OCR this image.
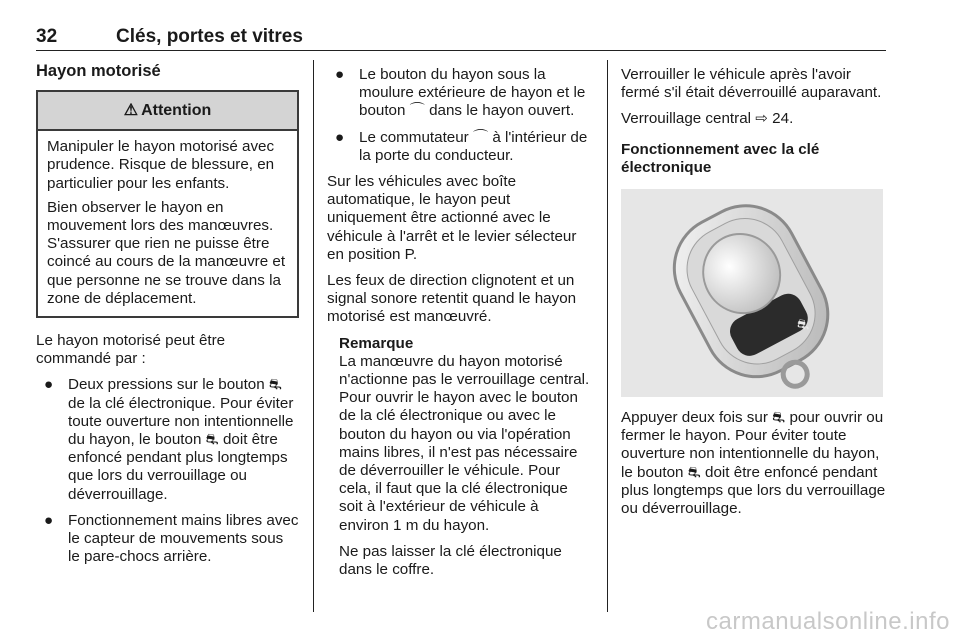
32	Clés, portes et vitres
Hayon motorisé
⚠ Attention

Manipuler le hayon motorisé avec prudence. Risque de blessure, en particulier pour les enfants.

Bien observer le hayon en mouvement lors des manœuvres. S'assurer que rien ne puisse être coincé au cours de la manœuvre et que personne ne se trouve dans la zone de déplacement.

Le hayon motorisé peut être commandé par :

● Deux pressions sur le bouton ⛐ de la clé électronique. Pour éviter toute ouverture non intentionnelle du hayon, le bouton ⛐ doit être enfoncé pendant plus longtemps que lors du verrouillage ou déverrouillage.
● Fonctionnement mains libres avec le capteur de mouvements sous le pare-chocs arrière.
● Le bouton du hayon sous la moulure extérieure de hayon et le bouton ⌒ dans le hayon ouvert.
● Le commutateur ⌒ à l'intérieur de la porte du conducteur.

Sur les véhicules avec boîte automatique, le hayon peut uniquement être actionné avec le véhicule à l'arrêt et le levier sélecteur en position P.

Les feux de direction clignotent et un signal sonore retentit quand le hayon motorisé est manœuvré.

Remarque

La manœuvre du hayon motorisé n'actionne pas le verrouillage central. Pour ouvrir le hayon avec le bouton de la clé électronique ou avec le bouton du hayon ou via l'opération mains libres, il n'est pas nécessaire de déverrouiller le véhicule. Pour cela, il faut que la clé électronique soit à l'extérieur de véhicule à environ 1 m du hayon.

Ne pas laisser la clé électronique dans le coffre.

Verrouiller le véhicule après l'avoir fermé s'il était déverrouillé auparavant.

Verrouillage central ⇨ 24.

Fonctionnement avec la clé électronique
⛐

Appuyer deux fois sur ⛐ pour ouvrir ou fermer le hayon. Pour éviter toute ouverture non intentionnelle du hayon, le bouton ⛐ doit être enfoncé pendant plus longtemps que lors du verrouillage ou déverrouillage.

carmanualsonline.info
